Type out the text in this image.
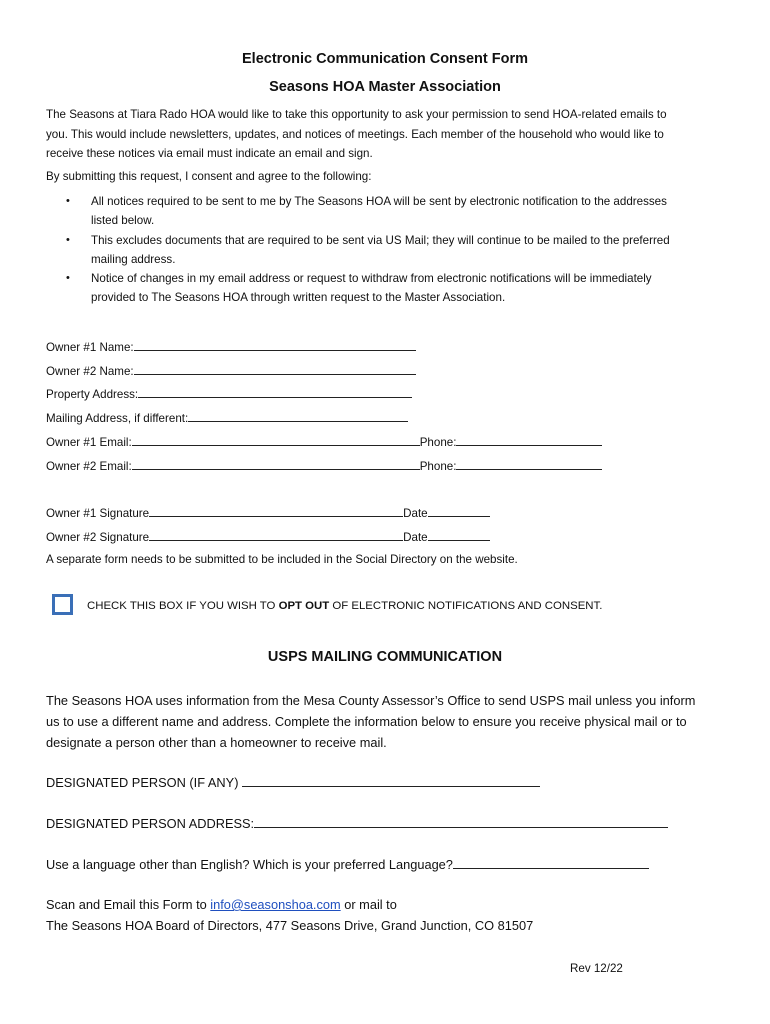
Electronic Communication Consent Form
Seasons HOA Master Association
The Seasons at Tiara Rado HOA would like to take this opportunity to ask your permission to send HOA-related emails to you. This would include newsletters, updates, and notices of meetings. Each member of the household who would like to receive these notices via email must indicate an email and sign.
By submitting this request, I consent and agree to the following:
• All notices required to be sent to me by The Seasons HOA will be sent by electronic notification to the addresses listed below.
• This excludes documents that are required to be sent via US Mail; they will continue to be mailed to the preferred mailing address.
• Notice of changes in my email address or request to withdraw from electronic notifications will be immediately provided to The Seasons HOA through written request to the Master Association.
Owner #1 Name:
Owner #2 Name:
Property Address:
Mailing Address, if different:
Owner #1 Email:	Phone:
Owner #2 Email:	Phone:
Owner #1 Signature	Date
Owner #2 Signature	Date
A separate form needs to be submitted to be included in the Social Directory on the website.
CHECK THIS BOX IF YOU WISH TO OPT OUT OF ELECTRONIC NOTIFICATIONS AND CONSENT.
USPS MAILING COMMUNICATION
The Seasons HOA uses information from the Mesa County Assessor’s Office to send USPS mail unless you inform us to use a different name and address. Complete the information below to ensure you receive physical mail or to designate a person other than a homeowner to receive mail.
DESIGNATED PERSON (IF ANY)
DESIGNATED PERSON ADDRESS:
Use a language other than English? Which is your preferred Language?
Scan and Email this Form to info@seasonshoa.com or mail to
The Seasons HOA Board of Directors, 477 Seasons Drive, Grand Junction, CO 81507
Rev 12/22
